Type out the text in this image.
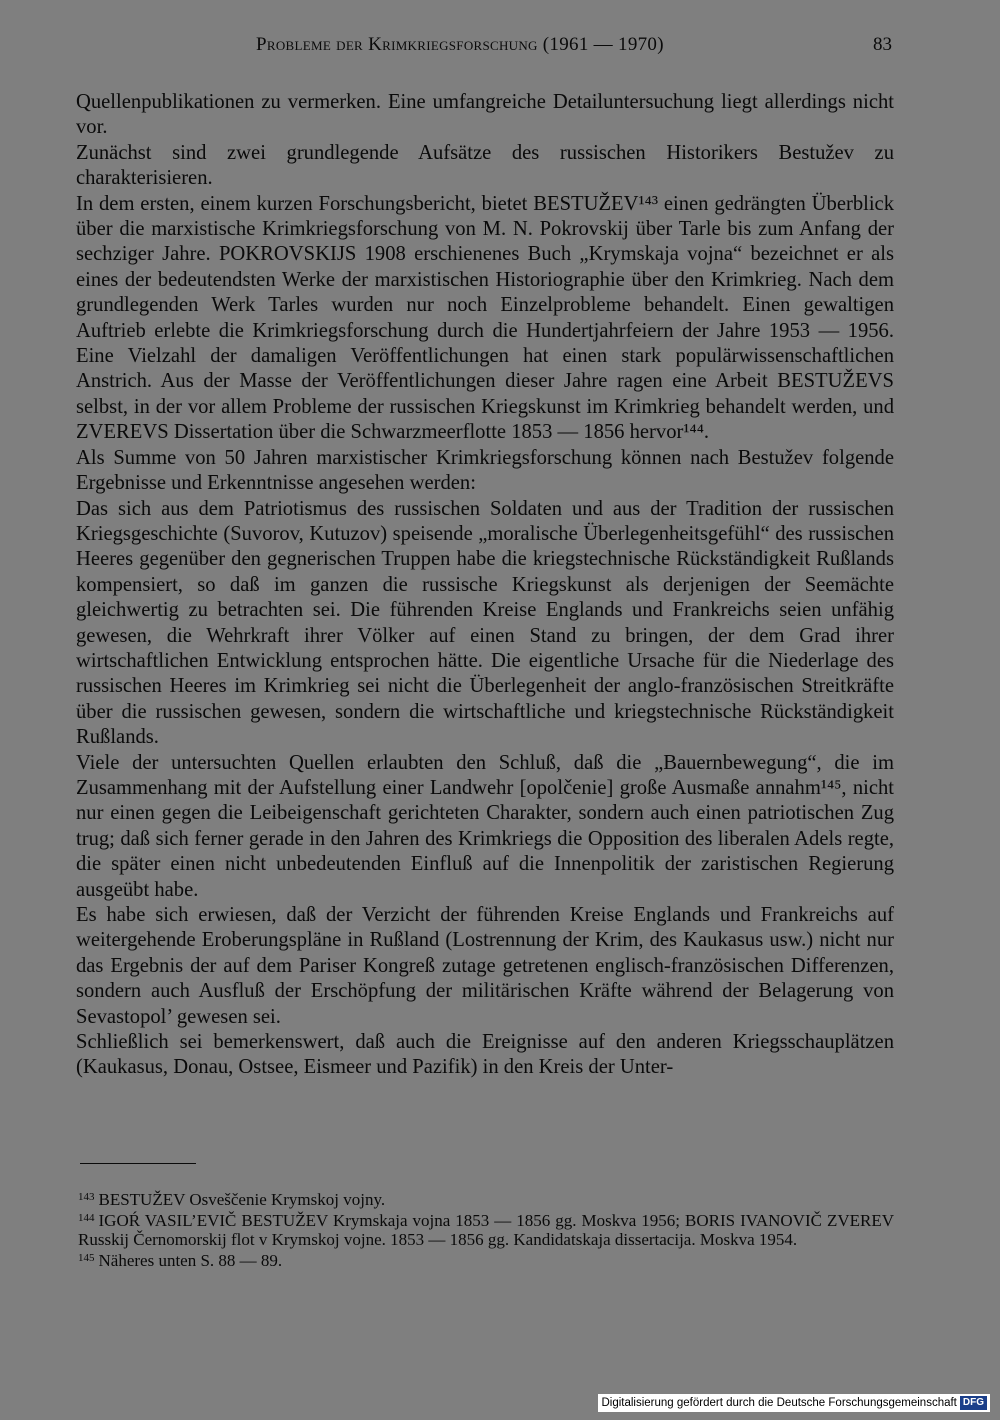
Probleme der Krimkriegsforschung (1961 — 1970)	83

Quellenpublikationen zu vermerken. Eine umfangreiche Detailuntersuchung liegt allerdings nicht vor.

Zunächst sind zwei grundlegende Aufsätze des russischen Historikers Bestužev zu charakterisieren.

In dem ersten, einem kurzen Forschungsbericht, bietet BESTUŽEV¹⁴³ einen gedrängten Überblick über die marxistische Krimkriegsforschung von M. N. Pokrovskij über Tarle bis zum Anfang der sechziger Jahre. POKROVSKIJS 1908 erschienenes Buch „Krymskaja vojna“ bezeichnet er als eines der bedeutendsten Werke der marxistischen Historiographie über den Krimkrieg. Nach dem grundlegenden Werk Tarles wurden nur noch Einzelprobleme behandelt. Einen gewaltigen Auftrieb erlebte die Krimkriegsforschung durch die Hundertjahrfeiern der Jahre 1953 — 1956. Eine Vielzahl der damaligen Veröffentlichungen hat einen stark populärwissenschaftlichen Anstrich. Aus der Masse der Veröffentlichungen dieser Jahre ragen eine Arbeit BESTUŽEVS selbst, in der vor allem Probleme der russischen Kriegskunst im Krimkrieg behandelt werden, und ZVEREVS Dissertation über die Schwarzmeerflotte 1853 — 1856 hervor¹⁴⁴.

Als Summe von 50 Jahren marxistischer Krimkriegsforschung können nach Bestužev folgende Ergebnisse und Erkenntnisse angesehen werden:

Das sich aus dem Patriotismus des russischen Soldaten und aus der Tradition der russischen Kriegsgeschichte (Suvorov, Kutuzov) speisende „moralische Überlegenheitsgefühl“ des russischen Heeres gegenüber den gegnerischen Truppen habe die kriegstechnische Rückständigkeit Rußlands kompensiert, so daß im ganzen die russische Kriegskunst als derjenigen der Seemächte gleichwertig zu betrachten sei. Die führenden Kreise Englands und Frankreichs seien unfähig gewesen, die Wehrkraft ihrer Völker auf einen Stand zu bringen, der dem Grad ihrer wirtschaftlichen Entwicklung entsprochen hätte. Die eigentliche Ursache für die Niederlage des russischen Heeres im Krimkrieg sei nicht die Überlegenheit der anglo-französischen Streitkräfte über die russischen gewesen, sondern die wirtschaftliche und kriegstechnische Rückständigkeit Rußlands.

Viele der untersuchten Quellen erlaubten den Schluß, daß die „Bauernbewegung“, die im Zusammenhang mit der Aufstellung einer Landwehr [opolčenie] große Ausmaße annahm¹⁴⁵, nicht nur einen gegen die Leibeigenschaft gerichteten Charakter, sondern auch einen patriotischen Zug trug; daß sich ferner gerade in den Jahren des Krimkriegs die Opposition des liberalen Adels regte, die später einen nicht unbedeutenden Einfluß auf die Innenpolitik der zaristischen Regierung ausgeübt habe.

Es habe sich erwiesen, daß der Verzicht der führenden Kreise Englands und Frankreichs auf weitergehende Eroberungspläne in Rußland (Lostrennung der Krim, des Kaukasus usw.) nicht nur das Ergebnis der auf dem Pariser Kongreß zutage getretenen englisch-französischen Differenzen, sondern auch Ausfluß der Erschöpfung der militärischen Kräfte während der Belagerung von Sevastopol’ gewesen sei.

Schließlich sei bemerkenswert, daß auch die Ereignisse auf den anderen Kriegsschauplätzen (Kaukasus, Donau, Ostsee, Eismeer und Pazifik) in den Kreis der Unter-

$^{143}$ BESTUŽEV Osveščenie Krymskoj vojny.

$^{144}$ IGOŔ VASIL’EVIČ BESTUŽEV Krymskaja vojna 1853 — 1856 gg. Moskva 1956; BORIS IVANOVIČ ZVEREV Russkij Černomorskij flot v Krymskoj vojne. 1853 — 1856 gg. Kandidatskaja dissertacija. Moskva 1954.

$^{145}$ Näheres unten S. 88 — 89.

Digitalisierung gefördert durch die Deutsche Forschungsgemeinschaft DFG
